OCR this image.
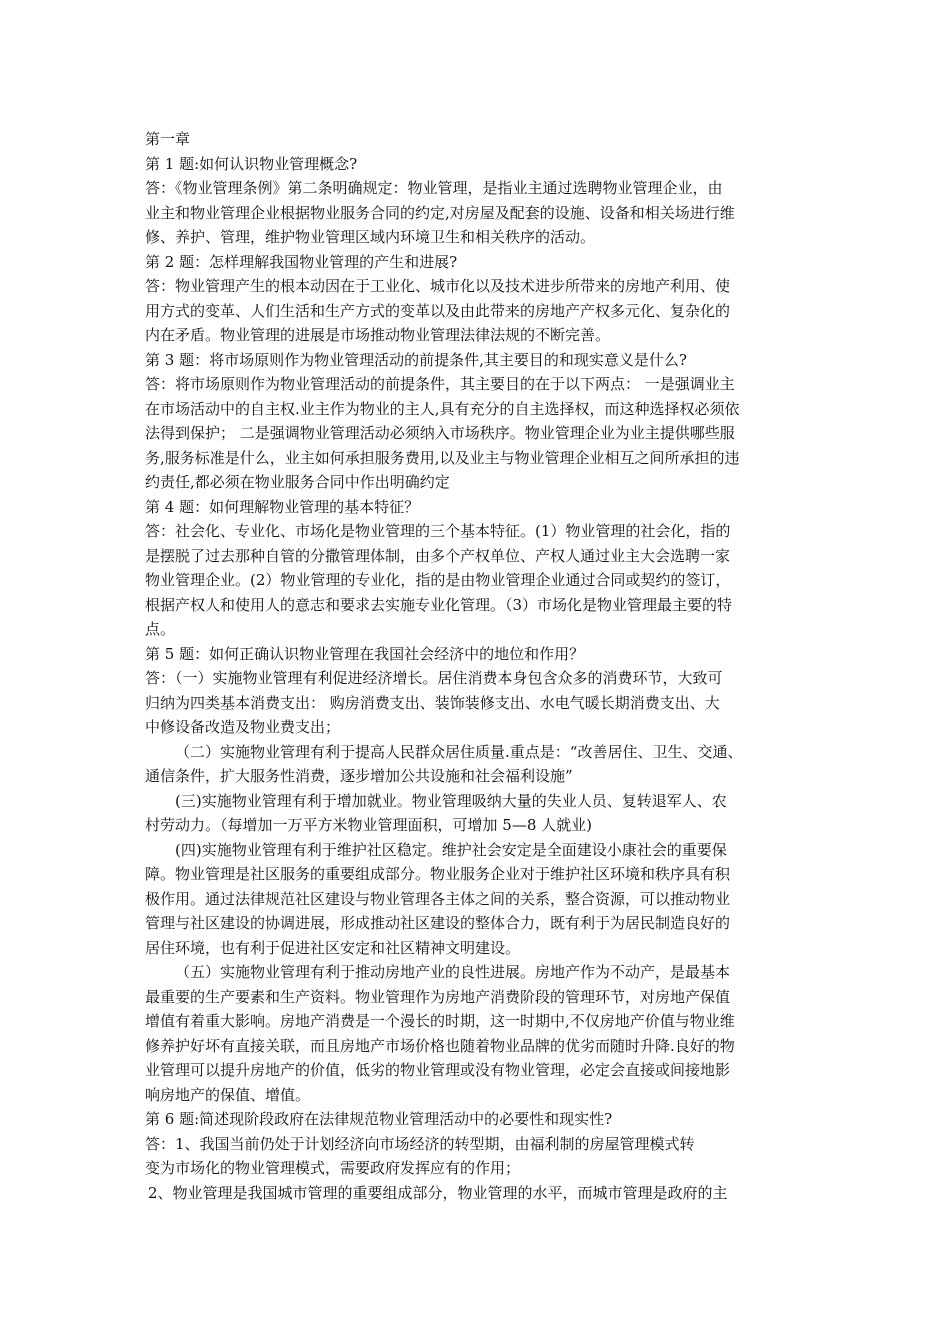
第一章
第 1 题:如何认识物业管理概念?
答：《物业管理条例》第二条明确规定：物业管理，是指业主通过选聘物业管理企业，由
业主和物业管理企业根据物业服务合同的约定,对房屋及配套的设施、设备和相关场进行维
修、养护、管理，维护物业管理区域内环境卫生和相关秩序的活动。
第 2 题：怎样理解我国物业管理的产生和进展?
答：物业管理产生的根本动因在于工业化、城市化以及技术进步所带来的房地产利用、使
用方式的变革、人们生活和生产方式的变革以及由此带来的房地产产权多元化、复杂化的
内在矛盾。物业管理的进展是市场推动物业管理法律法规的不断完善。
第 3 题：将市场原则作为物业管理活动的前提条件,其主要目的和现实意义是什么?
答：将市场原则作为物业管理活动的前提条件，其主要目的在于以下两点： 一是强调业主
在市场活动中的自主权.业主作为物业的主人,具有充分的自主选择权，而这种选择权必须依
法得到保护； 二是强调物业管理活动必须纳入市场秩序。物业管理企业为业主提供哪些服
务,服务标准是什么，业主如何承担服务费用,以及业主与物业管理企业相互之间所承担的违
约责任,都必须在物业服务合同中作出明确约定
第 4 题：如何理解物业管理的基本特征？
答：社会化、专业化、市场化是物业管理的三个基本特征。(1）物业管理的社会化，指的
是摆脱了过去那种自管的分撒管理体制，由多个产权单位、产权人通过业主大会选聘一家
物业管理企业。(2）物业管理的专业化，指的是由物业管理企业通过合同或契约的签订，
根据产权人和使用人的意志和要求去实施专业化管理。（3）市场化是物业管理最主要的特
点。
第 5 题：如何正确认识物业管理在我国社会经济中的地位和作用？
答：（一）实施物业管理有利促进经济增长。居住消费本身包含众多的消费环节，大致可
归纳为四类基本消费支出： 购房消费支出、装饰装修支出、水电气暖长期消费支出、大
中修设备改造及物业费支出；
（二）实施物业管理有利于提高人民群众居住质量.重点是：“改善居住、卫生、交通、
通信条件，扩大服务性消费，逐步增加公共设施和社会福利设施”
(三)实施物业管理有利于增加就业。物业管理吸纳大量的失业人员、复转退军人、农
村劳动力。（每增加一万平方米物业管理面积，可增加 5—8 人就业)
(四)实施物业管理有利于维护社区稳定。维护社会安定是全面建设小康社会的重要保
障。物业管理是社区服务的重要组成部分。物业服务企业对于维护社区环境和秩序具有积
极作用。通过法律规范社区建设与物业管理各主体之间的关系，整合资源，可以推动物业
管理与社区建设的协调进展，形成推动社区建设的整体合力，既有利于为居民制造良好的
居住环境，也有利于促进社区安定和社区精神文明建设。
（五）实施物业管理有利于推动房地产业的良性进展。房地产作为不动产，是最基本
最重要的生产要素和生产资料。物业管理作为房地产消费阶段的管理环节，对房地产保值
增值有着重大影响。房地产消费是一个漫长的时期，这一时期中,不仅房地产价值与物业维
修养护好坏有直接关联，而且房地产市场价格也随着物业品牌的优劣而随时升降.良好的物
业管理可以提升房地产的价值，低劣的物业管理或没有物业管理，必定会直接或间接地影
响房地产的保值、增值。
第 6 题:简述现阶段政府在法律规范物业管理活动中的必要性和现实性?
答：1、我国当前仍处于计划经济向市场经济的转型期，由福利制的房屋管理模式转
变为市场化的物业管理模式，需要政府发挥应有的作用；
2、物业管理是我国城市管理的重要组成部分，物业管理的水平，而城市管理是政府的主
